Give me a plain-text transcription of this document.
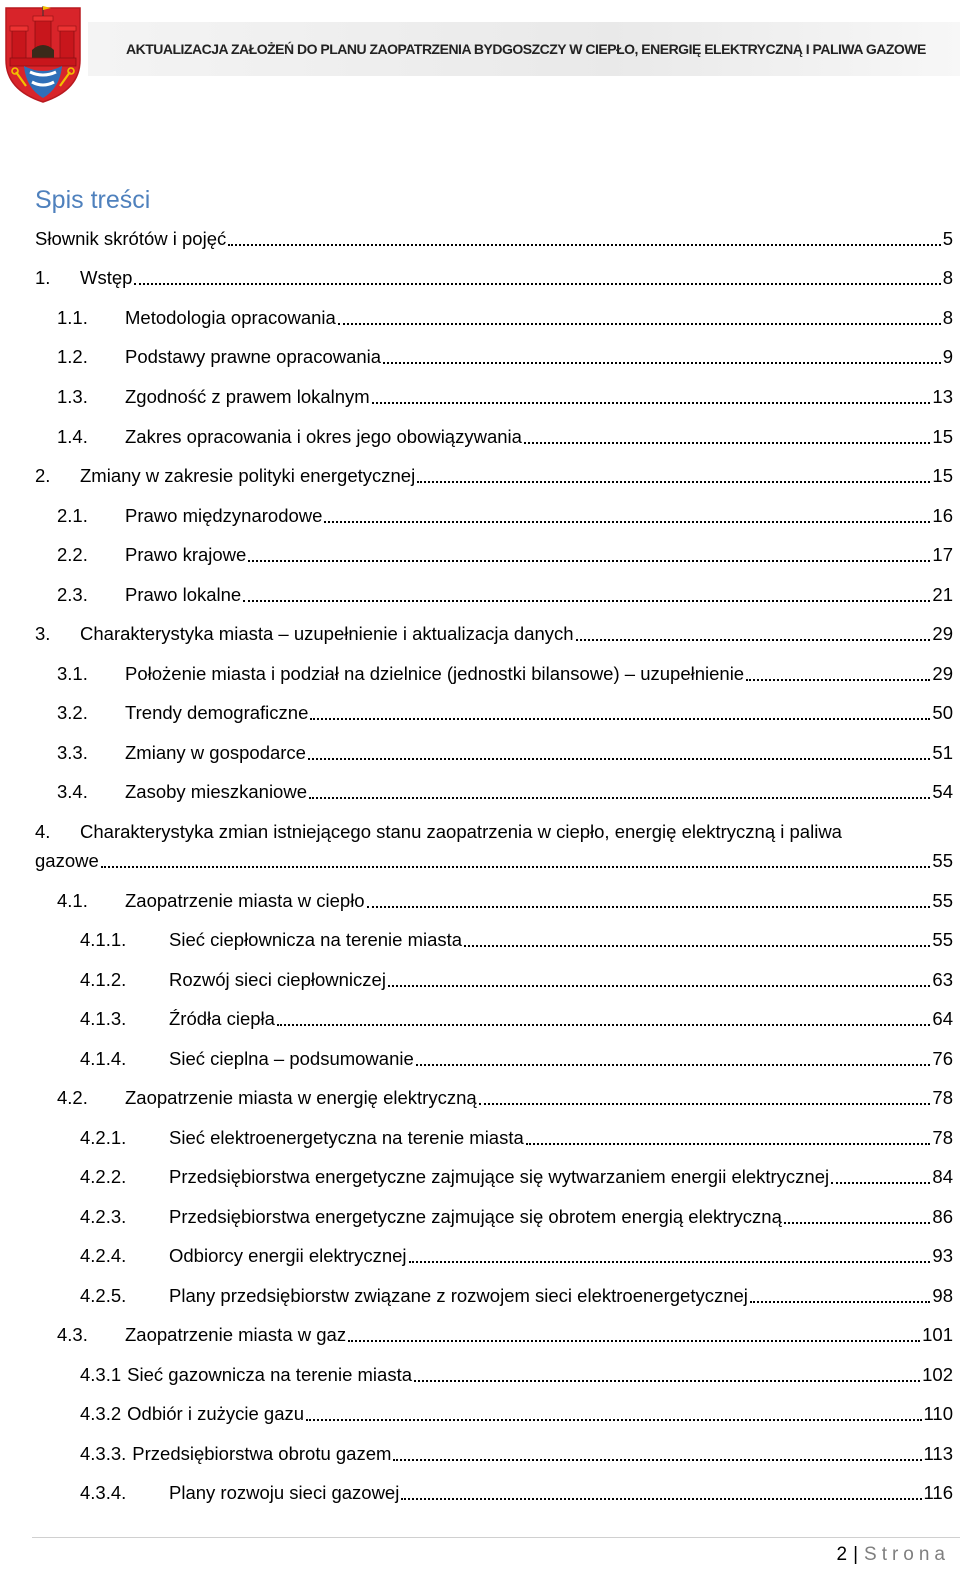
AKTUALIZACJA ZAŁOŻEŃ DO PLANU ZAOPATRZENIA BYDGOSZCZY W CIEPŁO, ENERGIĘ ELEKTRYCZNĄ I PALIWA GAZOWE
Spis treści
Słownik skrótów i pojęć	5
1.	Wstęp	8
1.1.	Metodologia opracowania	8
1.2.	Podstawy prawne opracowania	9
1.3.	Zgodność z prawem lokalnym	13
1.4.	Zakres opracowania i okres jego obowiązywania	15
2.	Zmiany w zakresie polityki energetycznej	15
2.1.	Prawo międzynarodowe	16
2.2.	Prawo krajowe	17
2.3.	Prawo lokalne	21
3.	Charakterystyka miasta – uzupełnienie i aktualizacja danych	29
3.1.	Położenie miasta i podział na dzielnice (jednostki bilansowe) – uzupełnienie	29
3.2.	Trendy demograficzne	50
3.3.	Zmiany w gospodarce	51
3.4.	Zasoby mieszkaniowe	54
4. Charakterystyka zmian istniejącego stanu zaopatrzenia w ciepło, energię elektryczną i paliwa
gazowe	55
4.1.	Zaopatrzenie miasta w ciepło	55
4.1.1.	Sieć ciepłownicza na terenie miasta	55
4.1.2.	Rozwój sieci ciepłowniczej	63
4.1.3.	Źródła ciepła	64
4.1.4.	Sieć cieplna – podsumowanie	76
4.2.	Zaopatrzenie miasta w energię elektryczną	78
4.2.1.	Sieć elektroenergetyczna na terenie miasta	78
4.2.2.	Przedsiębiorstwa energetyczne zajmujące się wytwarzaniem energii elektrycznej	84
4.2.3.	Przedsiębiorstwa energetyczne zajmujące się obrotem energią elektryczną	86
4.2.4.	Odbiorcy energii elektrycznej	93
4.2.5.	Plany przedsiębiorstw związane z rozwojem sieci elektroenergetycznej	98
4.3.	Zaopatrzenie miasta w gaz	101
4.3.1 Sieć gazownicza na terenie miasta	102
4.3.2 Odbiór i zużycie gazu	110
4.3.3. Przedsiębiorstwa obrotu gazem	113
4.3.4.	Plany rozwoju sieci gazowej	116
2 | Strona
